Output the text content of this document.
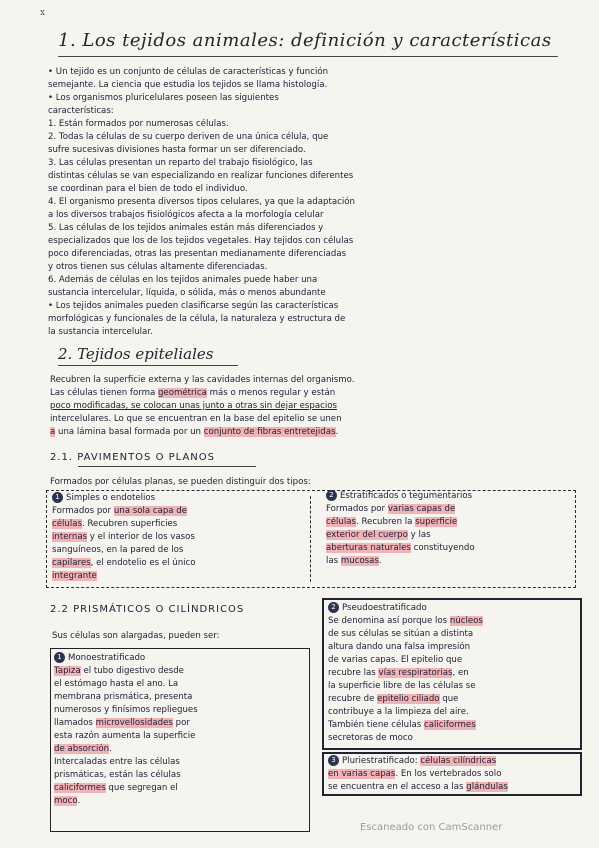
x
1. Los tejidos animales: definición y características
• Un tejido es un conjunto de células de características y función
semejante. La ciencia que estudia los tejidos se llama histología.
• Los organismos pluricelulares poseen las siguientes
características:
1. Están formados por numerosas células.
2. Todas la células de su cuerpo deriven de una única célula, que
sufre sucesivas divisiones hasta formar un ser diferenciado.
3. Las células presentan un reparto del trabajo fisiológico, las
distintas células se van especializando en realizar funciones diferentes
se coordinan para el bien de todo el individuo.
4. El organismo presenta diversos tipos celulares, ya que la adaptación
a los diversos trabajos fisiológicos afecta a la morfología celular
5. Las células de los tejidos animales están más diferenciados y
especializados que los de los tejidos vegetales. Hay tejidos con células
poco diferenciadas, otras las presentan medianamente diferenciadas
y otros tienen sus células altamente diferenciadas.
6. Además de células en los tejidos animales puede haber una
sustancia intercelular, líquida, o sólida, más o menos abundante
• Los tejidos animales pueden clasificarse según las características
morfológicas y funcionales de la célula, la naturaleza y estructura de
la sustancia intercelular.
2. Tejidos epiteliales
Recubren la superficie externa y las cavidades internas del organismo.
Las células tienen forma geométrica más o menos regular y están
poco modificadas, se colocan unas junto a otras sin dejar espacios
intercelulares. Lo que se encuentran en la base del epitelio se unen
a una lámina basal formada por un conjunto de fibras entretejidas.
2.1. PAVIMENTOS O PLANOS
Formados por células planas, se pueden distinguir dos tipos:
1 Simples o endotelios
Formados por una sola capa de
células. Recubren superficies
internas y el interior de los vasos
sanguíneos, en la pared de los
capilares, el endotelio es el único
integrante
2 Estratificados o tegumentarios
Formados por varias capas de
células. Recubren la superficie
exterior del cuerpo y las
aberturas naturales constituyendo
las mucosas.
2.2 PRISMÁTICOS O CILÍNDRICOS
Sus células son alargadas, pueden ser:
1 Monoestratificado
Tapiza el tubo digestivo desde
el estómago hasta el ano. La
membrana prismática, presenta
numerosos y finísimos repliegues
llamados microvellosidades por
esta razón aumenta la superficie
de absorción.
Intercaladas entre las células
prismáticas, están las células
caliciformes que segregan el
moco.
2 Pseudoestratificado
Se denomina así porque los núcleos
de sus células se sitúan a distinta
altura dando una falsa impresión
de varias capas. El epitelio que
recubre las vías respiratorias, en
la superficie libre de las células se
recubre de epitelio ciliado que
contribuye a la limpieza del aire.
También tiene células caliciformes
secretoras de moco
3 Pluriestratificado: células cilíndricas
en varias capas. En los vertebrados solo
se encuentra en el acceso a las glándulas
Escaneado con CamScanner
